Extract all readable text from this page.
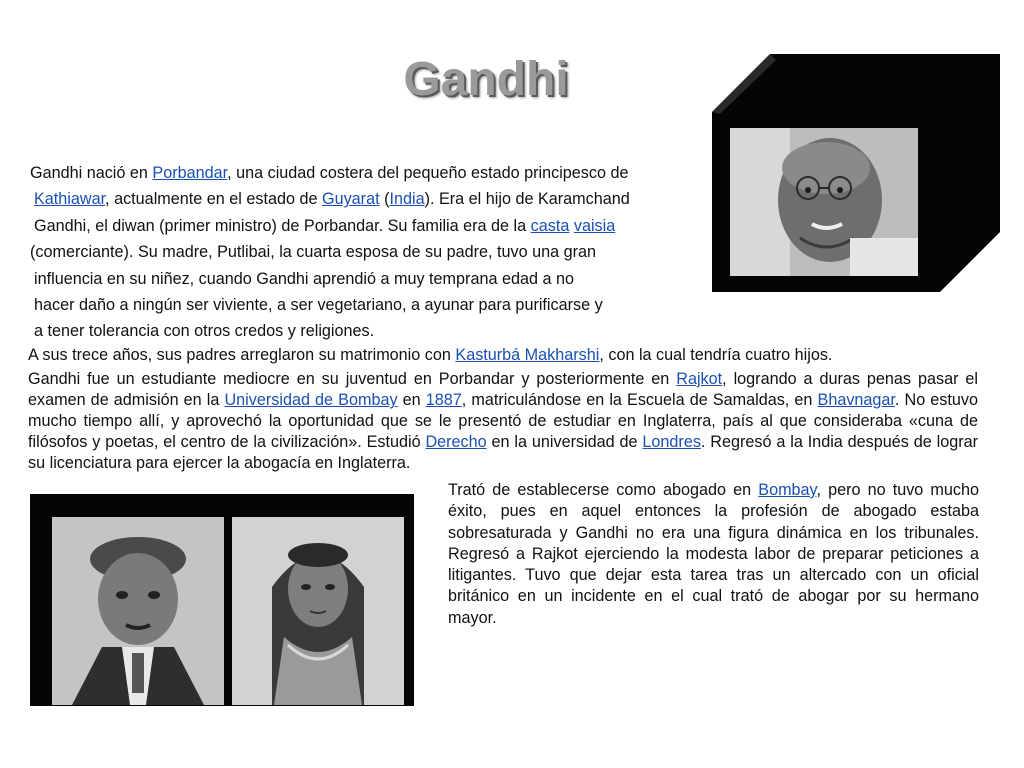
Gandhi
Gandhi nació en Porbandar, una ciudad costera del pequeño estado principesco de
Kathiawar, actualmente en el estado de Guyarat (India). Era el hijo de Karamchand
Gandhi, el diwan (primer ministro) de Porbandar. Su familia era de la casta vaisia
(comerciante). Su madre, Putlibai, la cuarta esposa de su padre, tuvo una gran
influencia en su niñez, cuando Gandhi aprendió a muy temprana edad a no
hacer daño a ningún ser viviente, a ser vegetariano, a ayunar para purificarse y
a tener tolerancia con otros credos y religiones.

A sus trece años, sus padres arreglaron su matrimonio con Kasturbá Makharshi, con la cual tendría cuatro hijos.

Gandhi fue un estudiante mediocre en su juventud en Porbandar y posteriormente en Rajkot, logrando a duras penas pasar el examen de admisión en la Universidad de Bombay en 1887, matriculándose en la Escuela de Samaldas, en Bhavnagar. No estuvo mucho tiempo allí, y aprovechó la oportunidad que se le presentó de estudiar en Inglaterra, país al que consideraba «cuna de filósofos y poetas, el centro de la civilización». Estudió Derecho en la universidad de Londres. Regresó a la India después de lograr su licenciatura para ejercer la abogacía en Inglaterra.

Trató de establecerse como abogado en Bombay, pero no tuvo mucho éxito, pues en aquel entonces la profesión de abogado estaba sobresaturada y Gandhi no era una figura dinámica en los tribunales. Regresó a Rajkot ejerciendo la modesta labor de preparar peticiones a litigantes. Tuvo que dejar esta tarea tras un altercado con un oficial británico en un incidente en el cual trató de abogar por su hermano mayor.
